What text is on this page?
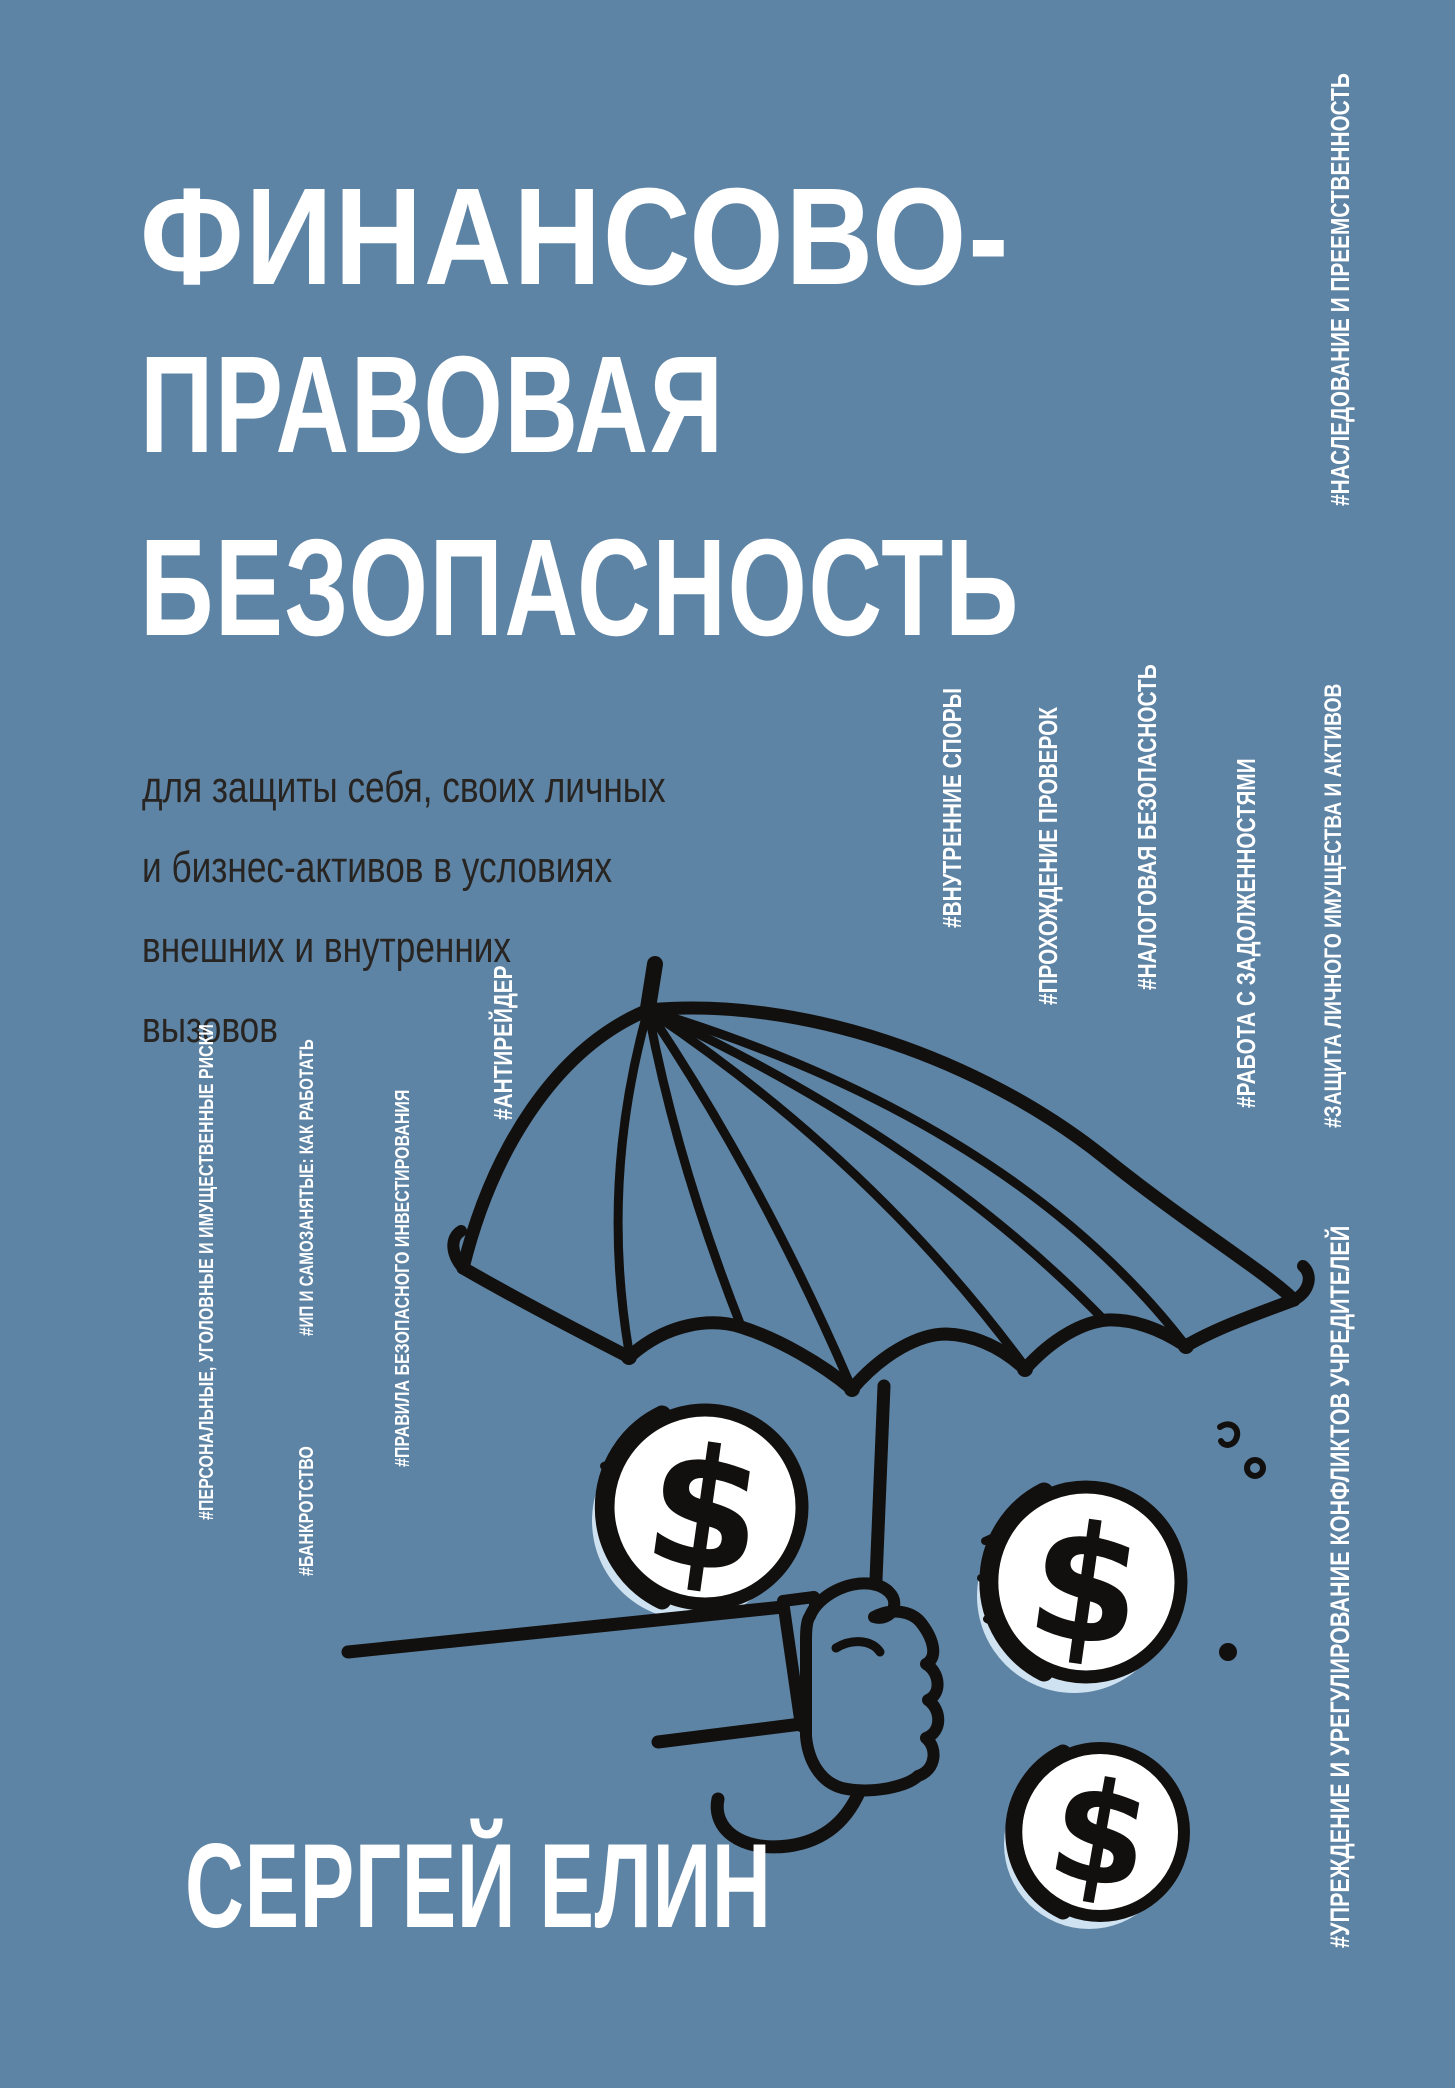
ФИНАНСОВО-
ПРАВОВАЯ
БЕЗОПАСНОСТЬ
для защиты себя, своих личных
и бизнес-активов в условиях
внешних и внутренних
вызовов
$ $
$
#НАСЛЕДОВАНИЕ И ПРЕЕМСТВЕННОСТЬ
#ВНУТРЕННИЕ СПОРЫ	#ПРОХОЖДЕНИЕ ПРОВЕРОК	#НАЛОГОВАЯ БЕЗОПАСНОСТЬ	#РАБОТА С ЗАДОЛЖЕННОСТЯМИ #ЗАЩИТА ЛИЧНОГО ИМУЩЕСТВА И АКТИВОВ
#УПРЕЖДЕНИЕ И УРЕГУЛИРОВАНИЕ КОНФЛИКТОВ УЧРЕДИТЕЛЕЙ
#АНТИРЕЙДЕР
#ПЕРСОНАЛЬНЫЕ, УГОЛОВНЫЕ И ИМУЩЕСТВЕННЫЕ РИСКИ	#ИП И САМОЗАНЯТЫЕ: КАК РАБОТАТЬ
#БАНКРОТСТВО
#ПРАВИЛА БЕЗОПАСНОГО ИНВЕСТИРОВАНИЯ
СЕРГЕЙ ЕЛИН
